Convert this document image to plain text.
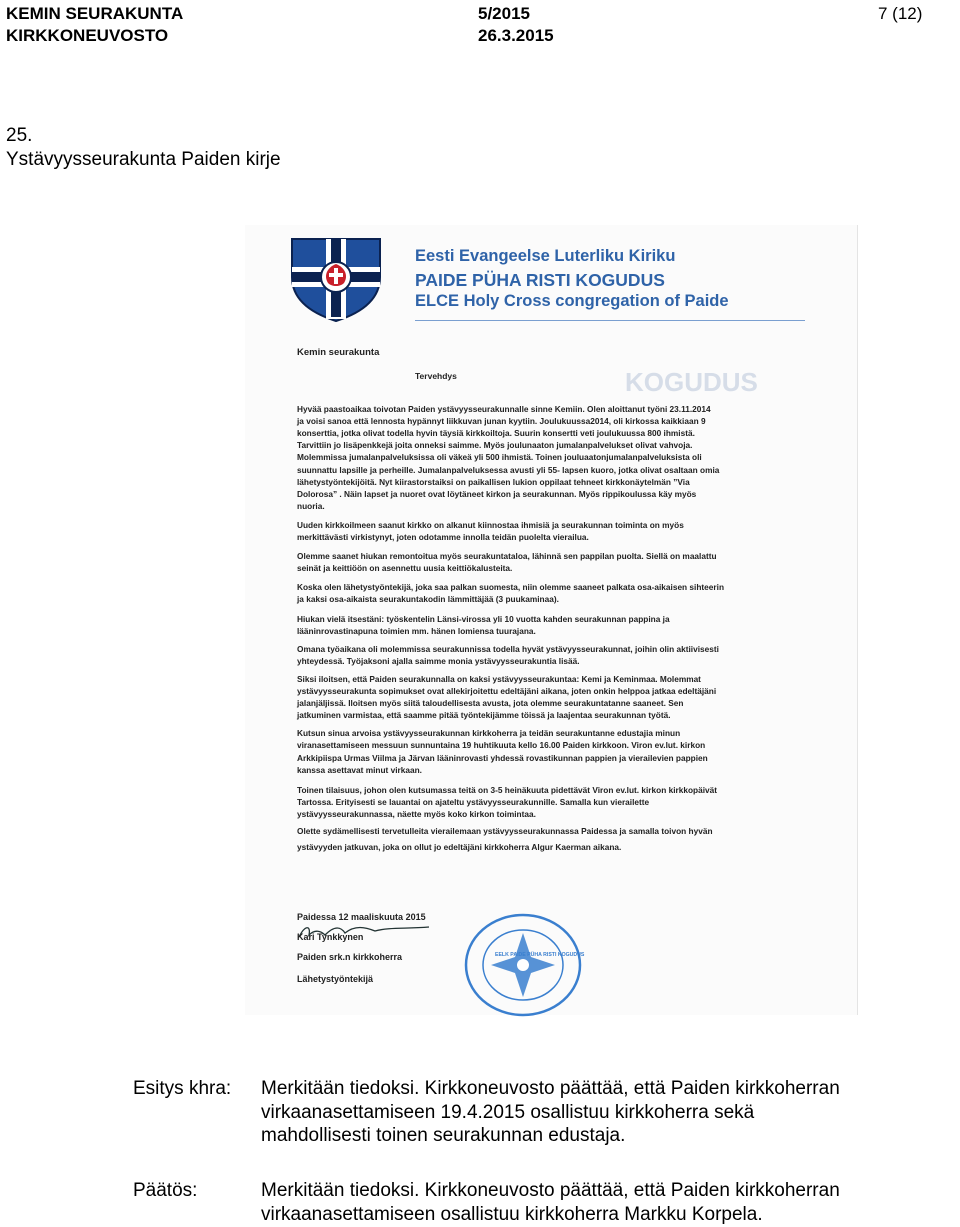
KEMIN SEURAKUNTA
KIRKKONEUVOSTO
5/2015
26.3.2015
7 (12)
25.
Ystävyysseurakunta Paiden kirje
Eesti Evangeelse Luterliku Kiriku
PAIDE PÜHA RISTI KOGUDUS
ELCE Holy Cross congregation of Paide
KOGUDUS
Kemin seurakunta
Tervehdys
Hyvää paastoaikaa toivotan Paiden ystävyysseurakunnalle sinne Kemiin. Olen aloittanut työni 23.11.2014
ja voisi sanoa että lennosta hypännyt liikkuvan junan kyytiin. Joulukuussa2014, oli kirkossa kaikkiaan 9
konserttia, jotka olivat todella hyvin täysiä kirkkoiltoja. Suurin konsertti veti joulukuussa 800 ihmistä.
Tarvittiin jo lisäpenkkejä joita onneksi saimme. Myös joulunaaton jumalanpalvelukset olivat vahvoja.
Molemmissa jumalanpalveluksissa oli väkeä yli 500 ihmistä. Toinen jouluaatonjumalanpalveluksista oli
suunnattu lapsille ja perheille. Jumalanpalveluksessa avusti yli 55- lapsen kuoro, jotka olivat osaltaan omia
lähetystyöntekijöitä. Nyt kiirastorstaiksi on paikallisen lukion oppilaat tehneet kirkkonäytelmän ”Via
Dolorosa” . Näin lapset ja nuoret ovat löytäneet kirkon ja seurakunnan. Myös rippikoulussa käy myös
nuoria.
Uuden kirkkoilmeen saanut kirkko on alkanut kiinnostaa ihmisiä ja seurakunnan toiminta on myös
merkittävästi virkistynyt, joten odotamme innolla teidän puolelta vierailua.
Olemme saanet hiukan remontoitua myös seurakuntataloa, lähinnä sen pappilan puolta. Siellä on maalattu
seinät ja keittiöön on asennettu uusia keittiökalusteita.
Koska olen lähetystyöntekijä, joka saa palkan suomesta, niin olemme saaneet palkata osa-aikaisen sihteerin
ja kaksi osa-aikaista seurakuntakodin lämmittäjää (3 puukaminaa).
Hiukan vielä itsestäni: työskentelin Länsi-virossa yli 10 vuotta kahden seurakunnan pappina ja
lääninrovastinapuna toimien mm. hänen lomiensa tuurajana.
Omana työaikana oli molemmissa seurakunnissa todella hyvät ystävyysseurakunnat, joihin olin aktiivisesti
yhteydessä. Työjaksoni ajalla saimme monia ystävyysseurakuntia lisää.
Siksi iloitsen, että Paiden seurakunnalla on kaksi ystävyysseurakuntaa: Kemi ja Keminmaa. Molemmat
ystävyysseurakunta sopimukset ovat allekirjoitettu edeltäjäni aikana, joten onkin helppoa jatkaa edeltäjäni
jalanjäljissä. Iloitsen myös siitä taloudellisesta avusta, jota olemme seurakuntatanne saaneet. Sen
jatkuminen varmistaa, että saamme pitää työntekijämme töissä ja laajentaa seurakunnan työtä.
Kutsun sinua arvoisa ystävyysseurakunnan kirkkoherra ja teidän seurakuntanne edustajia minun
viranasettamiseen messuun sunnuntaina 19 huhtikuuta kello 16.00 Paiden kirkkoon. Viron ev.lut. kirkon
Arkkipiispa Urmas Viilma ja Järvan lääninrovasti yhdessä rovastikunnan pappien ja vierailevien pappien
kanssa asettavat minut virkaan.
Toinen tilaisuus, johon olen kutsumassa teitä on 3-5 heinäkuuta pidettävät Viron ev.lut. kirkon kirkkopäivät
Tartossa. Erityisesti se lauantai on ajateltu ystävyysseurakunnille. Samalla kun vierailette
ystävyysseurakunnassa, näette myös koko kirkon toimintaa.
Olette sydämellisesti tervetulleita vierailemaan ystävyysseurakunnassa Paidessa ja samalla toivon hyvän
ystävyyden jatkuvan, joka on ollut jo edeltäjäni kirkkoherra Algur Kaerman aikana.
Paidessa 12 maaliskuuta 2015
Kari Tynkkynen
Paiden srk.n kirkkoherra
Lähetystyöntekijä
EELK PAIDE PÜHA RISTI KOGUDUS
Esitys khra: Merkitään tiedoksi. Kirkkoneuvosto päättää, että Paiden kirkkoherran
virkaanasettamiseen 19.4.2015 osallistuu kirkkoherra sekä
mahdollisesti toinen seurakunnan edustaja.
Päätös:	Merkitään tiedoksi. Kirkkoneuvosto päättää, että Paiden kirkkoherran
virkaanasettamiseen osallistuu kirkkoherra Markku Korpela.
